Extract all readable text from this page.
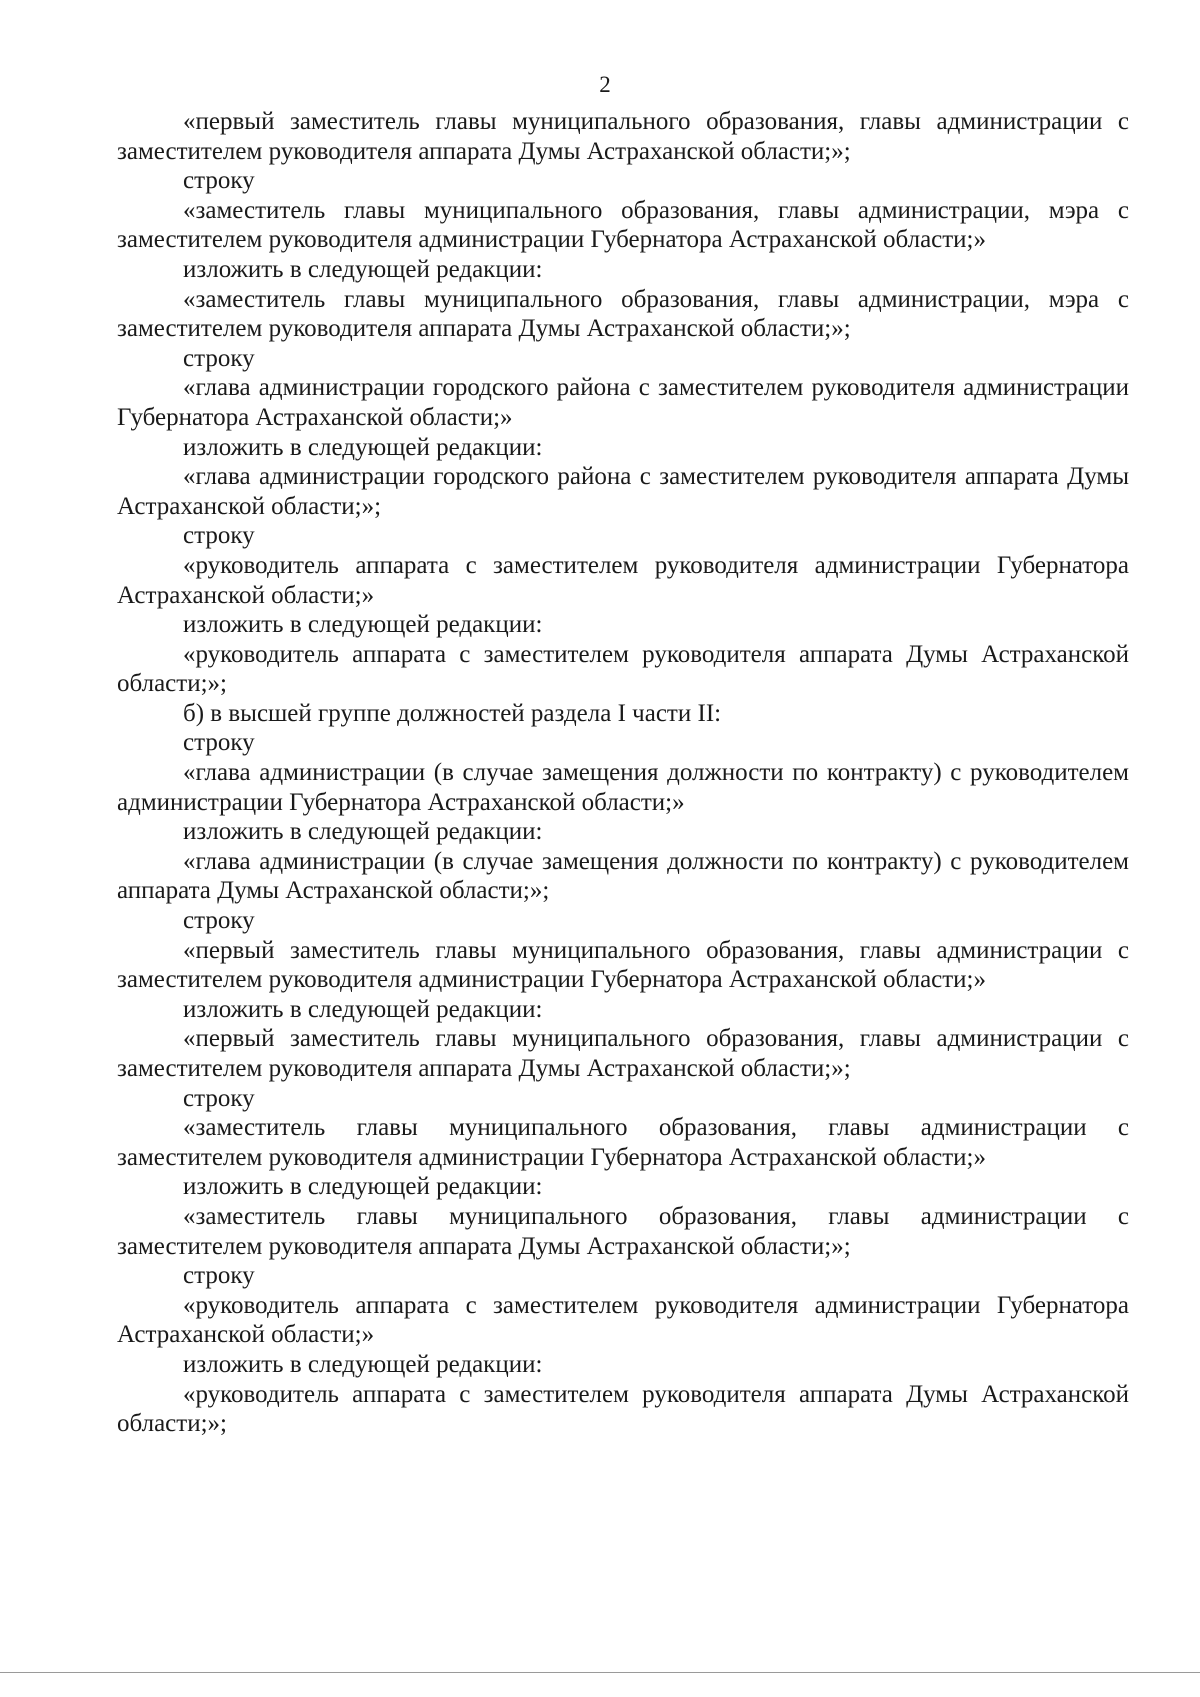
2

«первый заместитель главы муниципального образования, главы администрации с заместителем руководителя аппарата Думы Астраханской области;»;

строку

«заместитель главы муниципального образования, главы администрации, мэра с заместителем руководителя администрации Губернатора Астраханской области;»

изложить в следующей редакции:

«заместитель главы муниципального образования, главы администрации, мэра с заместителем руководителя аппарата Думы Астраханской области;»;

строку

«глава администрации городского района с заместителем руководителя администрации Губернатора Астраханской области;»

изложить в следующей редакции:

«глава администрации городского района с заместителем руководителя аппарата Думы Астраханской области;»;

строку

«руководитель аппарата с заместителем руководителя администрации Губернатора Астраханской области;»

изложить в следующей редакции:

«руководитель аппарата с заместителем руководителя аппарата Думы Астраханской области;»;

б) в высшей группе должностей раздела I части II:

строку

«глава администрации (в случае замещения должности по контракту) с руководителем администрации Губернатора Астраханской области;»

изложить в следующей редакции:

«глава администрации (в случае замещения должности по контракту) с руководителем аппарата Думы Астраханской области;»;

строку

«первый заместитель главы муниципального образования, главы администрации с заместителем руководителя администрации Губернатора Астраханской области;»

изложить в следующей редакции:

«первый заместитель главы муниципального образования, главы администрации с заместителем руководителя аппарата Думы Астраханской области;»;

строку

«заместитель главы муниципального образования, главы администрации с заместителем руководителя администрации Губернатора Астраханской области;»

изложить в следующей редакции:

«заместитель главы муниципального образования, главы администрации с заместителем руководителя аппарата Думы Астраханской области;»;

строку

«руководитель аппарата с заместителем руководителя администрации Губернатора Астраханской области;»

изложить в следующей редакции:

«руководитель аппарата с заместителем руководителя аппарата Думы Астраханской области;»;
